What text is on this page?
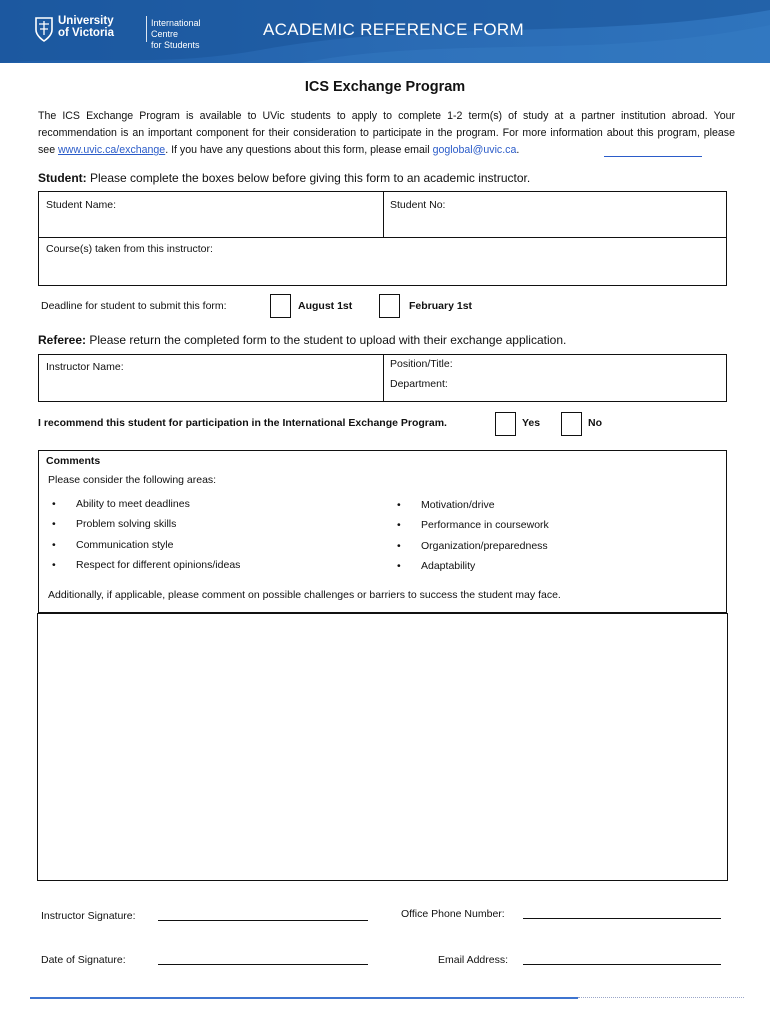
University
of Victoria
International Centre
for Students
ACADEMIC REFERENCE FORM
ICS Exchange Program
The ICS Exchange Program is available to UVic students to apply to complete 1-2 term(s) of study at a partner institution abroad. Your recommendation is an important component for their consideration to participate in the program. For more information about this program, please see www.uvic.ca/exchange. If you have any questions about this form, please email goglobal@uvic.ca.
Student: Please complete the boxes below before giving this form to an academic instructor.
Student Name:	Student No:
Course(s) taken from this instructor:
Deadline for student to submit this form:	August 1st	February 1st
Referee: Please return the completed form to the student to upload with their exchange application.
Instructor Name:	Position/Title:
Department:
I recommend this student for participation in the International Exchange Program.	Yes	No
Comments
Please consider the following areas:
• Ability to meet deadlines
• Problem solving skills
• Communication style
• Respect for different opinions/ideas
• Motivation/drive
• Performance in coursework
• Organization/preparedness
• Adaptability
Additionally, if applicable, please comment on possible challenges or barriers to success the student may face.
Instructor Signature:	Office Phone Number:
Date of Signature:	Email Address:
